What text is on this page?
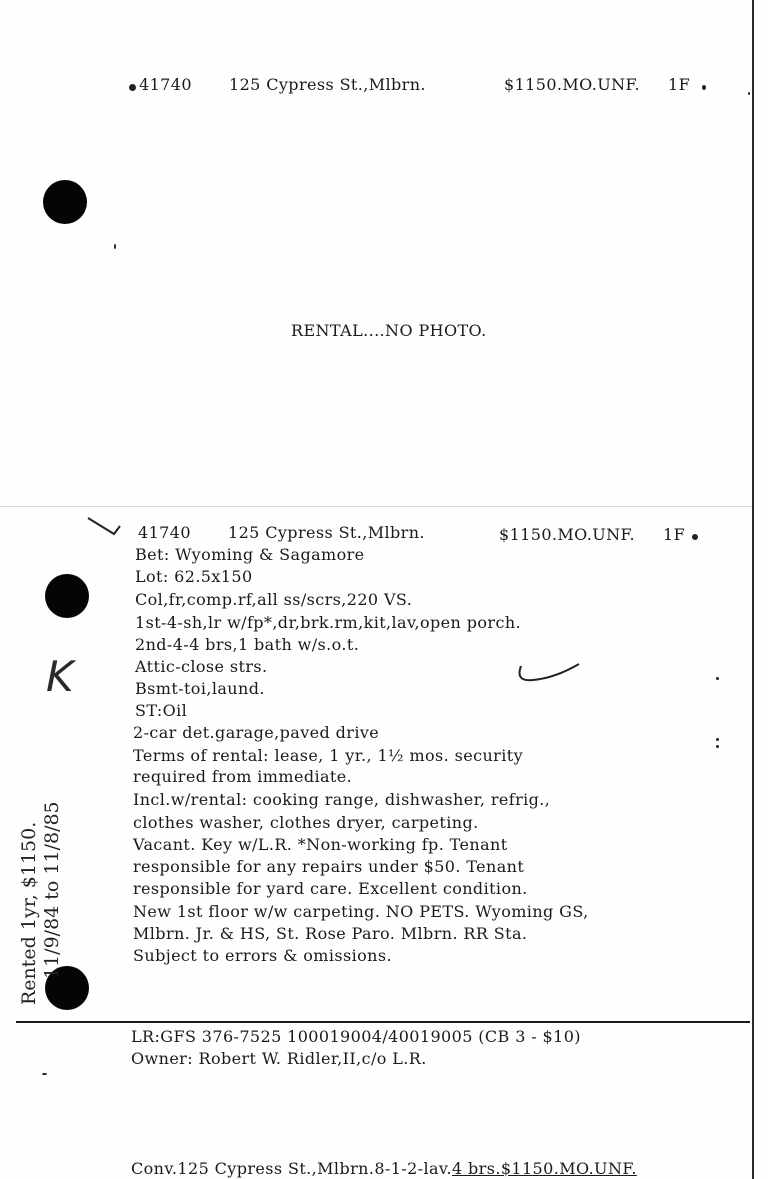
41740 125 Cypress St.,Mlbrn.	$1150.MO.UNF. 1F
RENTAL....NO PHOTO.
41740 125 Cypress St.,Mlbrn.	$1150.MO.UNF. 1F
Bet: Wyoming & Sagamore
Lot: 62.5x150
Col,fr,comp.rf,all ss/scrs,220 VS.
1st-4-sh,lr w/fp*,dr,brk.rm,kit,lav,open porch.
2nd-4-4 brs,1 bath w/s.o.t.
Attic-close strs.
Bsmt-toi,laund.
ST:Oil
2-car det.garage,paved drive
Terms of rental: lease, 1 yr., 1½ mos. security
required from immediate.
Incl.w/rental: cooking range, dishwasher, refrig.,
clothes washer, clothes dryer, carpeting.
Vacant. Key w/L.R. *Non-working fp. Tenant
responsible for any repairs under $50. Tenant
responsible for yard care. Excellent condition.
New 1st floor w/w carpeting. NO PETS. Wyoming GS,
Mlbrn. Jr. & HS, St. Rose Paro. Mlbrn. RR Sta.
Subject to errors & omissions.
K
Rented 1yr, $1150. 11/9/84 to 11/8/85
LR:GFS 376-7525 100019004/40019005 (CB 3 - $10)
Owner: Robert W. Ridler,II,c/o L.R.
Conv.125 Cypress St.,Mlbrn.8-1-2-lav.4 brs.$1150.MO.UNF.
